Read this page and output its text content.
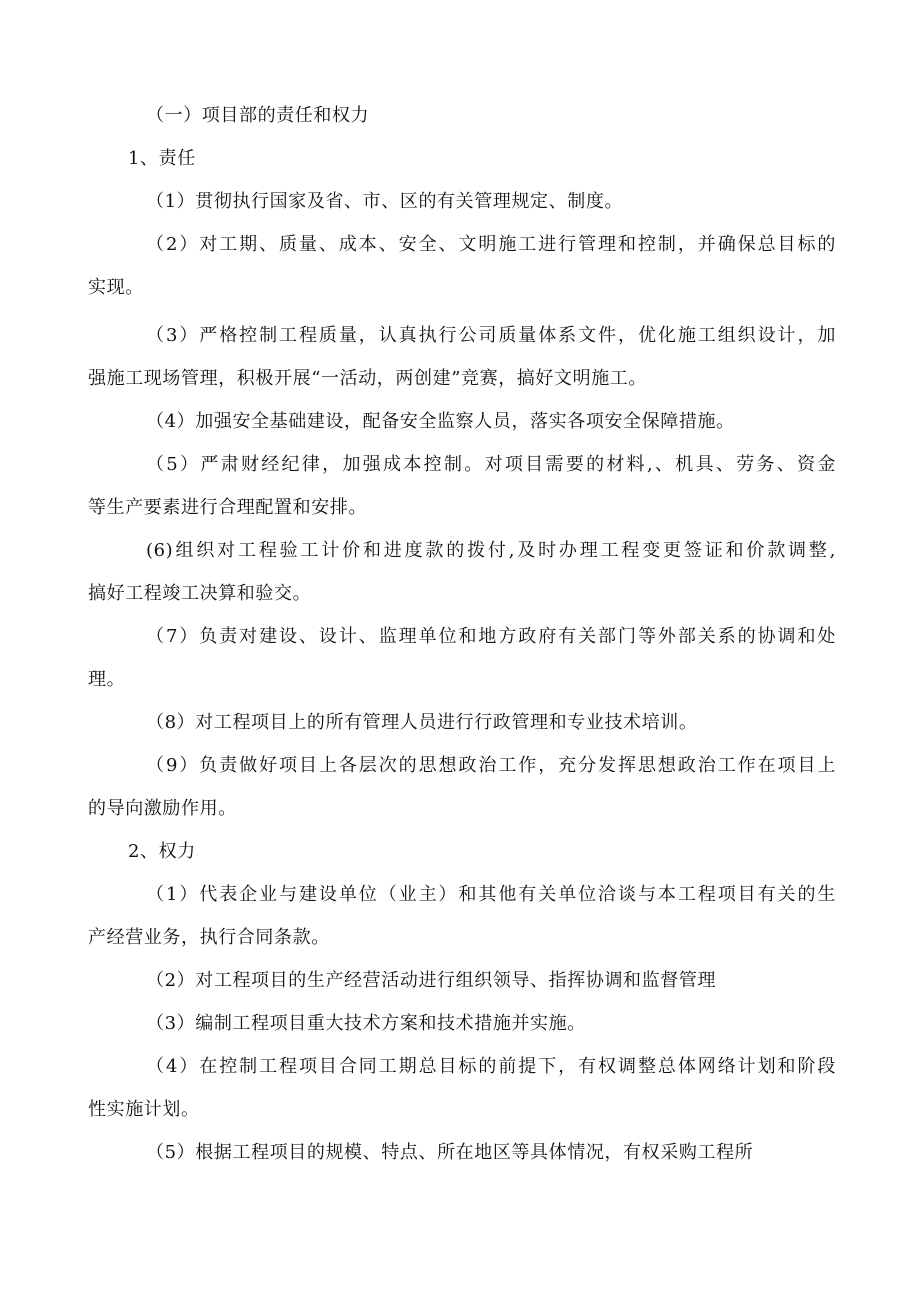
（一）项目部的责任和权力
1、责任
（1）贯彻执行国家及省、市、区的有关管理规定、制度。
（2）对工期、质量、成本、安全、文明施工进行管理和控制，并确保总目标的
实现。
（3）严格控制工程质量，认真执行公司质量体系文件，优化施工组织设计，加
强施工现场管理，积极开展“一活动，两创建”竞赛，搞好文明施工。
（4）加强安全基础建设，配备安全监察人员，落实各项安全保障措施。
（5）严肃财经纪律，加强成本控制。对项目需要的材料,、机具、劳务、资金
等生产要素进行合理配置和安排。
(6)组织对工程验工计价和进度款的拨付,及时办理工程变更签证和价款调整,
搞好工程竣工决算和验交。
（7）负责对建设、设计、监理单位和地方政府有关部门等外部关系的协调和处
理。
（8）对工程项目上的所有管理人员进行行政管理和专业技术培训。
（9）负责做好项目上各层次的思想政治工作，充分发挥思想政治工作在项目上
的导向激励作用。
2、权力
（1）代表企业与建设单位（业主）和其他有关单位洽谈与本工程项目有关的生
产经营业务，执行合同条款。
（2）对工程项目的生产经营活动进行组织领导、指挥协调和监督管理
（3）编制工程项目重大技术方案和技术措施并实施。
（4）在控制工程项目合同工期总目标的前提下，有权调整总体网络计划和阶段
性实施计划。
（5）根据工程项目的规模、特点、所在地区等具体情况，有权采购工程所
